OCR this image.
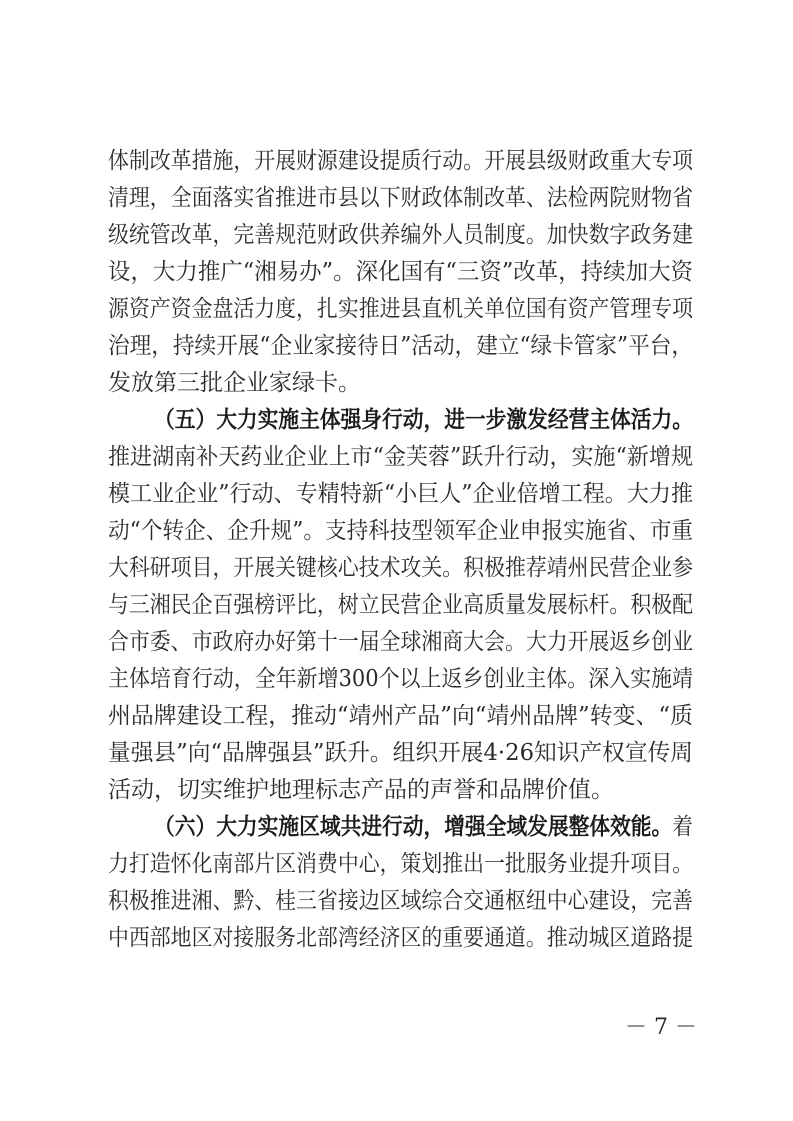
体制改革措施，开展财源建设提质行动。开展县级财政重大专项
清理，全面落实省推进市县以下财政体制改革、法检两院财物省
级统管改革，完善规范财政供养编外人员制度。加快数字政务建
设，大力推广“湘易办”。深化国有“三资”改革，持续加大资
源资产资金盘活力度，扎实推进县直机关单位国有资产管理专项
治理，持续开展“企业家接待日”活动，建立“绿卡管家”平台，
发放第三批企业家绿卡。
（五）大力实施主体强身行动，进一步激发经营主体活力。
推进湖南补天药业企业上市“金芙蓉”跃升行动，实施“新增规
模工业企业”行动、专精特新“小巨人”企业倍增工程。大力推
动“个转企、企升规”。支持科技型领军企业申报实施省、市重
大科研项目，开展关键核心技术攻关。积极推荐靖州民营企业参
与三湘民企百强榜评比，树立民营企业高质量发展标杆。积极配
合市委、市政府办好第十一届全球湘商大会。大力开展返乡创业
主体培育行动，全年新增300个以上返乡创业主体。深入实施靖
州品牌建设工程，推动“靖州产品”向“靖州品牌”转变、“质
量强县”向“品牌强县”跃升。组织开展4·26知识产权宣传周
活动，切实维护地理标志产品的声誉和品牌价值。
（六）大力实施区域共进行动，增强全域发展整体效能。着
力打造怀化南部片区消费中心，策划推出一批服务业提升项目。
积极推进湘、黔、桂三省接边区域综合交通枢纽中心建设，完善
中西部地区对接服务北部湾经济区的重要通道。推动城区道路提
－ 7 －
